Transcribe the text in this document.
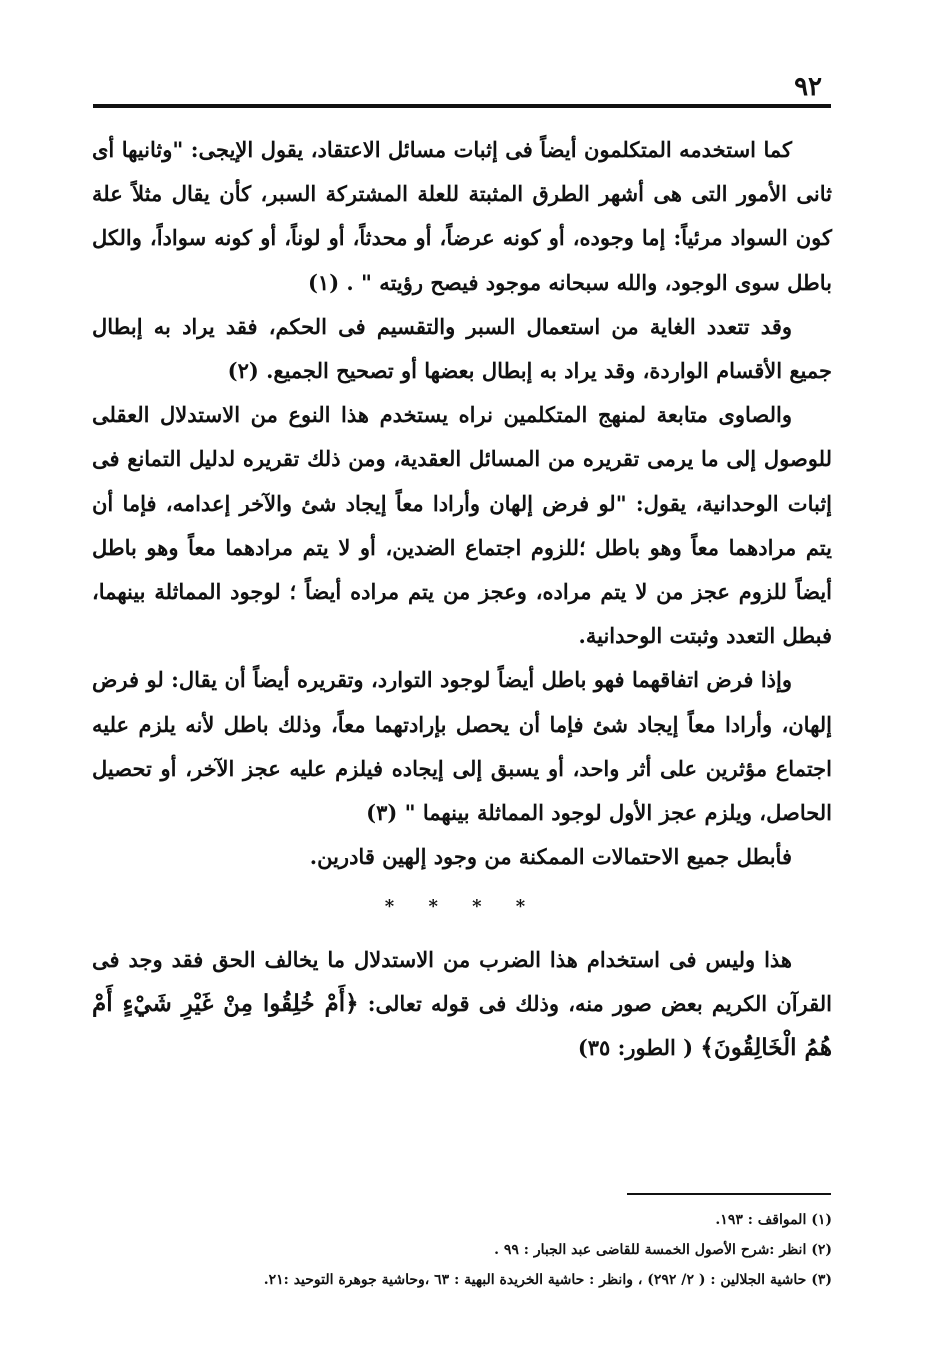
٩٢

كما استخدمه المتكلمون أيضاً فى إثبات مسائل الاعتقاد، يقول الإيجى: "وثانيها أى ثانى الأمور التى هى أشهر الطرق المثبتة للعلة المشتركة السبر، كأن يقال مثلاً علة كون السواد مرئياً: إما وجوده، أو كونه عرضاً، أو محدثاً، أو لوناً، أو كونه سواداً، والكل باطل سوى الوجود، والله سبحانه موجود فيصح رؤيته " . (١)

وقد تتعدد الغاية من استعمال السبر والتقسيم فى الحكم، فقد يراد به إبطال جميع الأقسام الواردة، وقد يراد به إبطال بعضها أو تصحيح الجميع. (٢)

والصاوى متابعة لمنهج المتكلمين نراه يستخدم هذا النوع من الاستدلال العقلى للوصول إلى ما يرمى تقريره من المسائل العقدية، ومن ذلك تقريره لدليل التمانع فى إثبات الوحدانية، يقول: "لو فرض إلهان وأرادا معاً إيجاد شئ والآخر إعدامه، فإما أن يتم مرادهما معاً وهو باطل ؛للزوم اجتماع الضدين، أو لا يتم مرادهما معاً وهو باطل أيضاً للزوم عجز من لا يتم مراده، وعجز من يتم مراده أيضاً ؛ لوجود المماثلة بينهما، فبطل التعدد وثبتت الوحدانية.

وإذا فرض اتفاقهما فهو باطل أيضاً لوجود التوارد، وتقريره أيضاً أن يقال: لو فرض إلهان، وأرادا معاً إيجاد شئ فإما أن يحصل بإرادتهما معاً، وذلك باطل لأنه يلزم عليه اجتماع مؤثرين على أثر واحد، أو يسبق إلى إيجاده فيلزم عليه عجز الآخر، أو تحصيل الحاصل، ويلزم عجز الأول لوجود المماثلة بينهما " (٣)

فأبطل جميع الاحتمالات الممكنة من وجود إلهين قادرين.

* * * *

هذا وليس فى استخدام هذا الضرب من الاستدلال ما يخالف الحق فقد وجد فى القرآن الكريم بعض صور منه، وذلك فى قوله تعالى: ﴿أَمْ خُلِقُوا مِنْ غَيْرِ شَيْءٍ أَمْ هُمُ الْخَالِقُونَ﴾ ( الطور: ٣٥)

(١) المواقف : ١٩٣.
(٢) انظر :شرح الأصول الخمسة للقاضى عبد الجبار : ٩٩ .
(٣) حاشية الجلالين : ( ٢/ ٢٩٢) ، وانظر : حاشية الخريدة البهية : ٦٣ ،وحاشية جوهرة التوحيد :٢١.
